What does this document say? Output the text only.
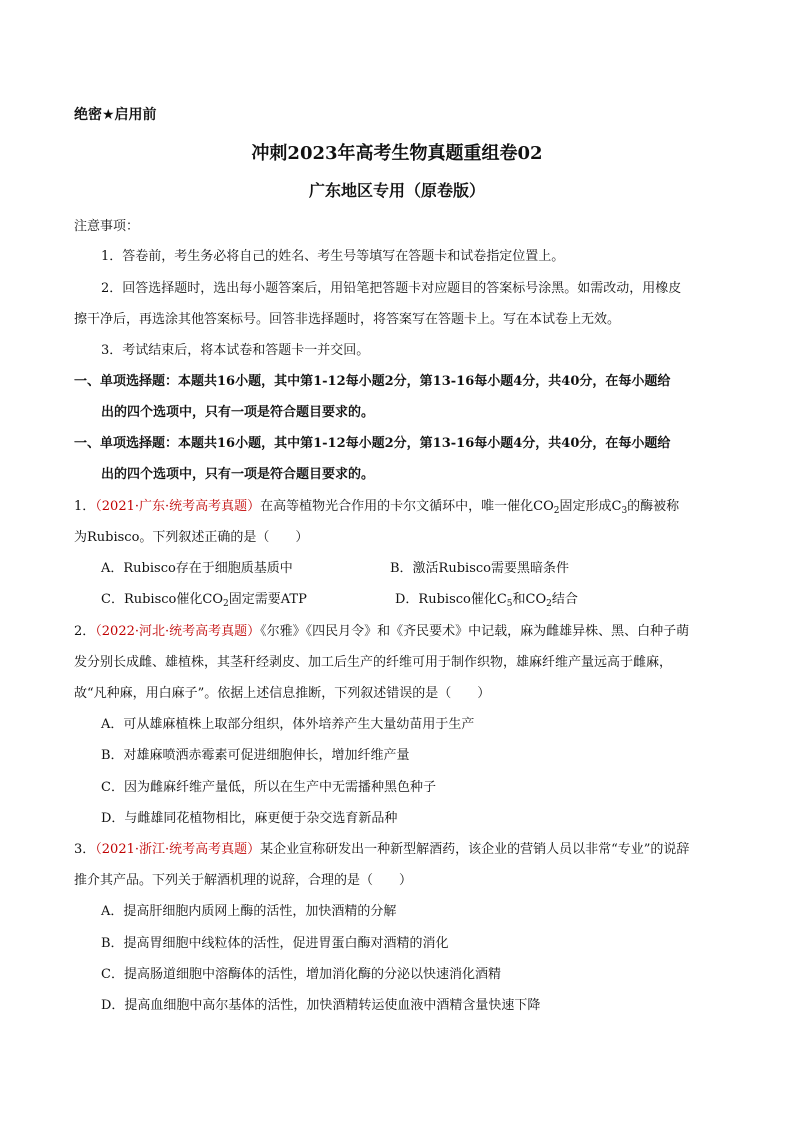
绝密★启用前
冲刺2023年高考生物真题重组卷02
广东地区专用（原卷版）
注意事项：
1．答卷前，考生务必将自己的姓名、考生号等填写在答题卡和试卷指定位置上。
2．回答选择题时，选出每小题答案后，用铅笔把答题卡对应题目的答案标号涂黑。如需改动，用橡皮
擦干净后，再选涂其他答案标号。回答非选择题时，将答案写在答题卡上。写在本试卷上无效。
3．考试结束后，将本试卷和答题卡一并交回。
一、单项选择题：本题共16小题，其中第1-12每小题2分，第13-16每小题4分，共40分，在每小题给
出的四个选项中，只有一项是符合题目要求的。
一、单项选择题：本题共16小题，其中第1-12每小题2分，第13-16每小题4分，共40分，在每小题给
出的四个选项中，只有一项是符合题目要求的。
1．（2021·广东·统考高考真题）在高等植物光合作用的卡尔文循环中，唯一催化$CO_2$固定形成$C_3$的酶被称
为Rubisco。下列叙述正确的是（　　）
A．Rubisco存在于细胞质基质中	B．激活Rubisco需要黑暗条件
C．Rubisco催化$CO_2$固定需要ATP	D．Rubisco催化$C_5$和$CO_2$结合
2．（2022·河北·统考高考真题）《尔雅》《四民月令》和《齐民要术》中记载，麻为雌雄异株、黑、白种子萌
发分别长成雌、雄植株，其茎秆经剥皮、加工后生产的纤维可用于制作织物，雄麻纤维产量远高于雌麻，
故“凡种麻，用白麻子”。依据上述信息推断，下列叙述错误的是（　　）
A．可从雄麻植株上取部分组织，体外培养产生大量幼苗用于生产
B．对雄麻喷洒赤霉素可促进细胞伸长，增加纤维产量
C．因为雌麻纤维产量低，所以在生产中无需播种黑色种子
D．与雌雄同花植物相比，麻更便于杂交选育新品种
3．（2021·浙江·统考高考真题）某企业宣称研发出一种新型解酒药，该企业的营销人员以非常“专业”的说辞
推介其产品。下列关于解酒机理的说辞，合理的是（　　）
A．提高肝细胞内质网上酶的活性，加快酒精的分解
B．提高胃细胞中线粒体的活性，促进胃蛋白酶对酒精的消化
C．提高肠道细胞中溶酶体的活性，增加消化酶的分泌以快速消化酒精
D．提高血细胞中高尔基体的活性，加快酒精转运使血液中酒精含量快速下降
